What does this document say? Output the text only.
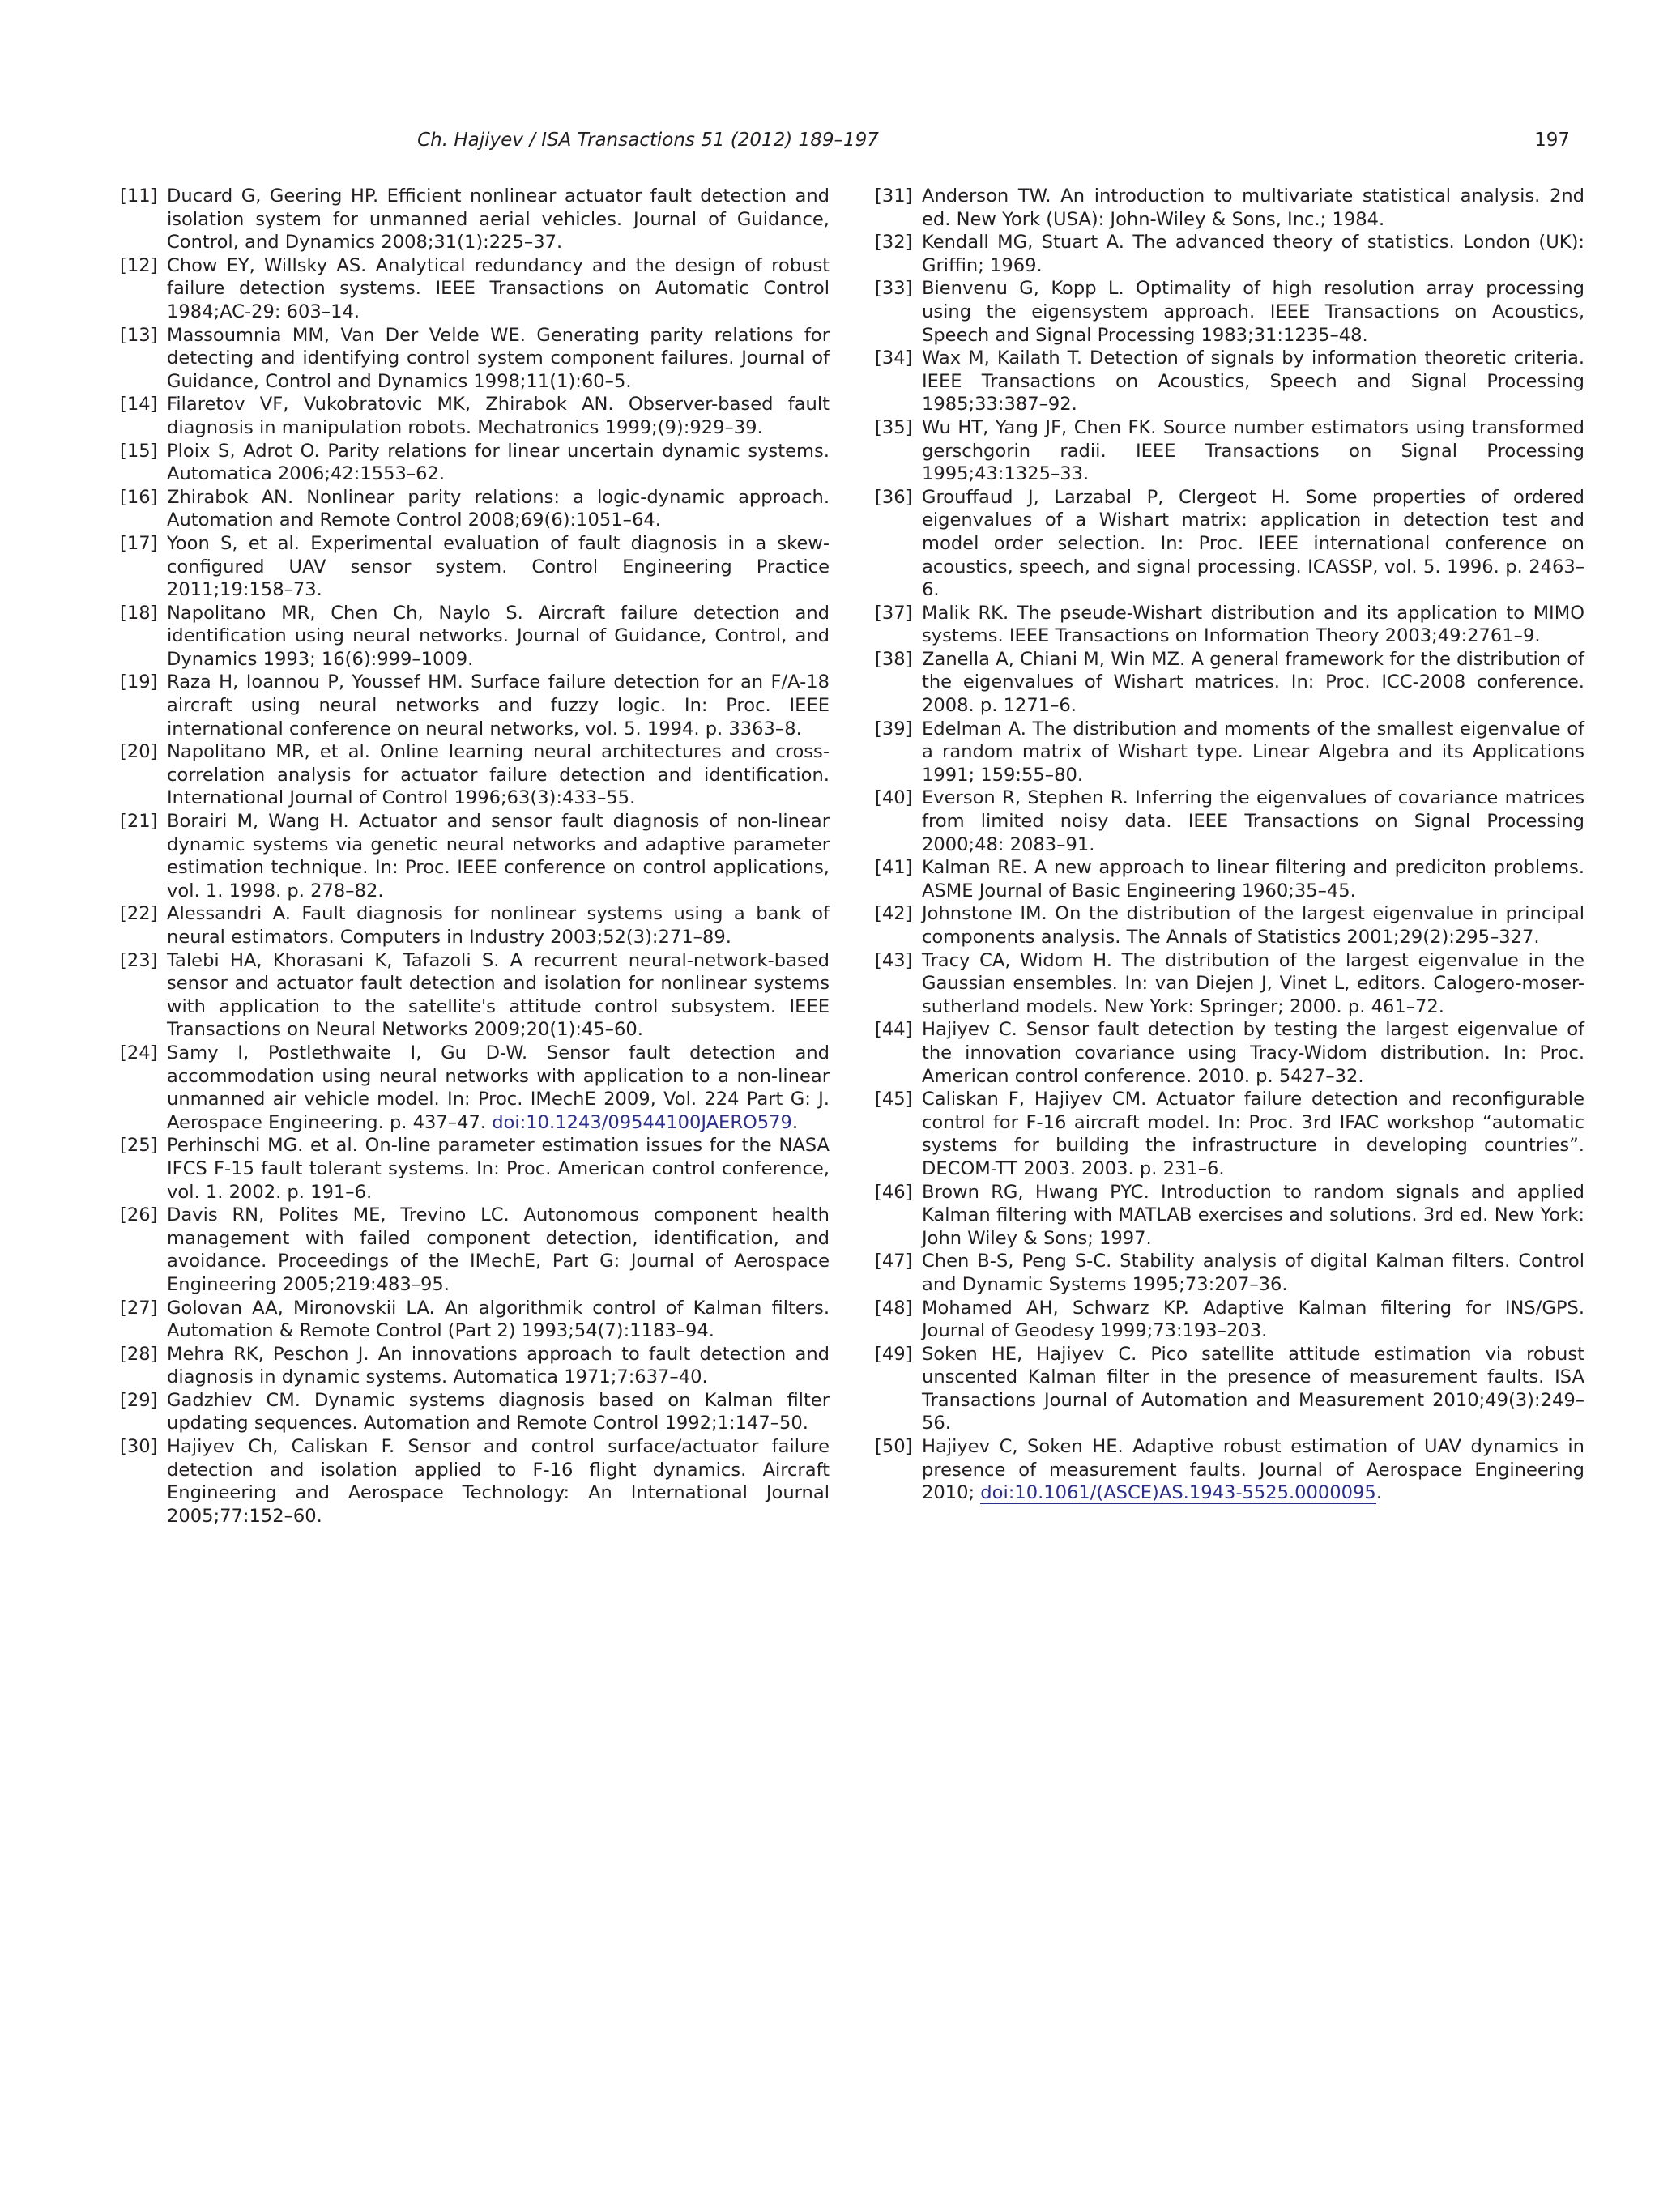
Ch. Hajiyev / ISA Transactions 51 (2012) 189–197	197
[11] Ducard G, Geering HP. Efficient nonlinear actuator fault detection and isolation system for unmanned aerial vehicles. Journal of Guidance, Control, and Dynamics 2008;31(1):225–37.
[12] Chow EY, Willsky AS. Analytical redundancy and the design of robust failure detection systems. IEEE Transactions on Automatic Control 1984;AC-29: 603–14.
[13] Massoumnia MM, Van Der Velde WE. Generating parity relations for detecting and identifying control system component failures. Journal of Guidance, Control and Dynamics 1998;11(1):60–5.
[14] Filaretov VF, Vukobratovic MK, Zhirabok AN. Observer-based fault diagnosis in manipulation robots. Mechatronics 1999;(9):929–39.
[15] Ploix S, Adrot O. Parity relations for linear uncertain dynamic systems. Automatica 2006;42:1553–62.
[16] Zhirabok AN. Nonlinear parity relations: a logic-dynamic approach. Automation and Remote Control 2008;69(6):1051–64.
[17] Yoon S, et al. Experimental evaluation of fault diagnosis in a skew-configured UAV sensor system. Control Engineering Practice 2011;19:158–73.
[18] Napolitano MR, Chen Ch, Naylo S. Aircraft failure detection and identification using neural networks. Journal of Guidance, Control, and Dynamics 1993; 16(6):999–1009.
[19] Raza H, Ioannou P, Youssef HM. Surface failure detection for an F/A-18 aircraft using neural networks and fuzzy logic. In: Proc. IEEE international conference on neural networks, vol. 5. 1994. p. 3363–8.
[20] Napolitano MR, et al. Online learning neural architectures and cross-correlation analysis for actuator failure detection and identification. International Journal of Control 1996;63(3):433–55.
[21] Borairi M, Wang H. Actuator and sensor fault diagnosis of non-linear dynamic systems via genetic neural networks and adaptive parameter estimation technique. In: Proc. IEEE conference on control applications, vol. 1. 1998. p. 278–82.
[22] Alessandri A. Fault diagnosis for nonlinear systems using a bank of neural estimators. Computers in Industry 2003;52(3):271–89.
[23] Talebi HA, Khorasani K, Tafazoli S. A recurrent neural-network-based sensor and actuator fault detection and isolation for nonlinear systems with application to the satellite's attitude control subsystem. IEEE Transactions on Neural Networks 2009;20(1):45–60.
[24] Samy I, Postlethwaite I, Gu D-W. Sensor fault detection and accommodation using neural networks with application to a non-linear unmanned air vehicle model. In: Proc. IMechE 2009, Vol. 224 Part G: J. Aerospace Engineering. p. 437–47. doi:10.1243/09544100JAERO579.
[25] Perhinschi MG. et al. On-line parameter estimation issues for the NASA IFCS F-15 fault tolerant systems. In: Proc. American control conference, vol. 1. 2002. p. 191–6.
[26] Davis RN, Polites ME, Trevino LC. Autonomous component health management with failed component detection, identification, and avoidance. Proceedings of the IMechE, Part G: Journal of Aerospace Engineering 2005;219:483–95.
[27] Golovan AA, Mironovskii LA. An algorithmik control of Kalman filters. Automation & Remote Control (Part 2) 1993;54(7):1183–94.
[28] Mehra RK, Peschon J. An innovations approach to fault detection and diagnosis in dynamic systems. Automatica 1971;7:637–40.
[29] Gadzhiev CM. Dynamic systems diagnosis based on Kalman filter updating sequences. Automation and Remote Control 1992;1:147–50.
[30] Hajiyev Ch, Caliskan F. Sensor and control surface/actuator failure detection and isolation applied to F-16 flight dynamics. Aircraft Engineering and Aerospace Technology: An International Journal 2005;77:152–60.
[31] Anderson TW. An introduction to multivariate statistical analysis. 2nd ed. New York (USA): John-Wiley & Sons, Inc.; 1984.
[32] Kendall MG, Stuart A. The advanced theory of statistics. London (UK): Griffin; 1969.
[33] Bienvenu G, Kopp L. Optimality of high resolution array processing using the eigensystem approach. IEEE Transactions on Acoustics, Speech and Signal Processing 1983;31:1235–48.
[34] Wax M, Kailath T. Detection of signals by information theoretic criteria. IEEE Transactions on Acoustics, Speech and Signal Processing 1985;33:387–92.
[35] Wu HT, Yang JF, Chen FK. Source number estimators using transformed gerschgorin radii. IEEE Transactions on Signal Processing 1995;43:1325–33.
[36] Grouffaud J, Larzabal P, Clergeot H. Some properties of ordered eigenvalues of a Wishart matrix: application in detection test and model order selection. In: Proc. IEEE international conference on acoustics, speech, and signal processing. ICASSP, vol. 5. 1996. p. 2463–6.
[37] Malik RK. The pseude-Wishart distribution and its application to MIMO systems. IEEE Transactions on Information Theory 2003;49:2761–9.
[38] Zanella A, Chiani M, Win MZ. A general framework for the distribution of the eigenvalues of Wishart matrices. In: Proc. ICC-2008 conference. 2008. p. 1271–6.
[39] Edelman A. The distribution and moments of the smallest eigenvalue of a random matrix of Wishart type. Linear Algebra and its Applications 1991; 159:55–80.
[40] Everson R, Stephen R. Inferring the eigenvalues of covariance matrices from limited noisy data. IEEE Transactions on Signal Processing 2000;48: 2083–91.
[41] Kalman RE. A new approach to linear filtering and prediciton problems. ASME Journal of Basic Engineering 1960;35–45.
[42] Johnstone IM. On the distribution of the largest eigenvalue in principal components analysis. The Annals of Statistics 2001;29(2):295–327.
[43] Tracy CA, Widom H. The distribution of the largest eigenvalue in the Gaussian ensembles. In: van Diejen J, Vinet L, editors. Calogero-moser-sutherland models. New York: Springer; 2000. p. 461–72.
[44] Hajiyev C. Sensor fault detection by testing the largest eigenvalue of the innovation covariance using Tracy-Widom distribution. In: Proc. American control conference. 2010. p. 5427–32.
[45] Caliskan F, Hajiyev CM. Actuator failure detection and reconfigurable control for F-16 aircraft model. In: Proc. 3rd IFAC workshop “automatic systems for building the infrastructure in developing countries”. DECOM-TT 2003. 2003. p. 231–6.
[46] Brown RG, Hwang PYC. Introduction to random signals and applied Kalman filtering with MATLAB exercises and solutions. 3rd ed. New York: John Wiley & Sons; 1997.
[47] Chen B-S, Peng S-C. Stability analysis of digital Kalman filters. Control and Dynamic Systems 1995;73:207–36.
[48] Mohamed AH, Schwarz KP. Adaptive Kalman filtering for INS/GPS. Journal of Geodesy 1999;73:193–203.
[49] Soken HE, Hajiyev C. Pico satellite attitude estimation via robust unscented Kalman filter in the presence of measurement faults. ISA Transactions Journal of Automation and Measurement 2010;49(3):249–56.
[50] Hajiyev C, Soken HE. Adaptive robust estimation of UAV dynamics in presence of measurement faults. Journal of Aerospace Engineering 2010; doi:10.1061/(ASCE)AS.1943-5525.0000095.
